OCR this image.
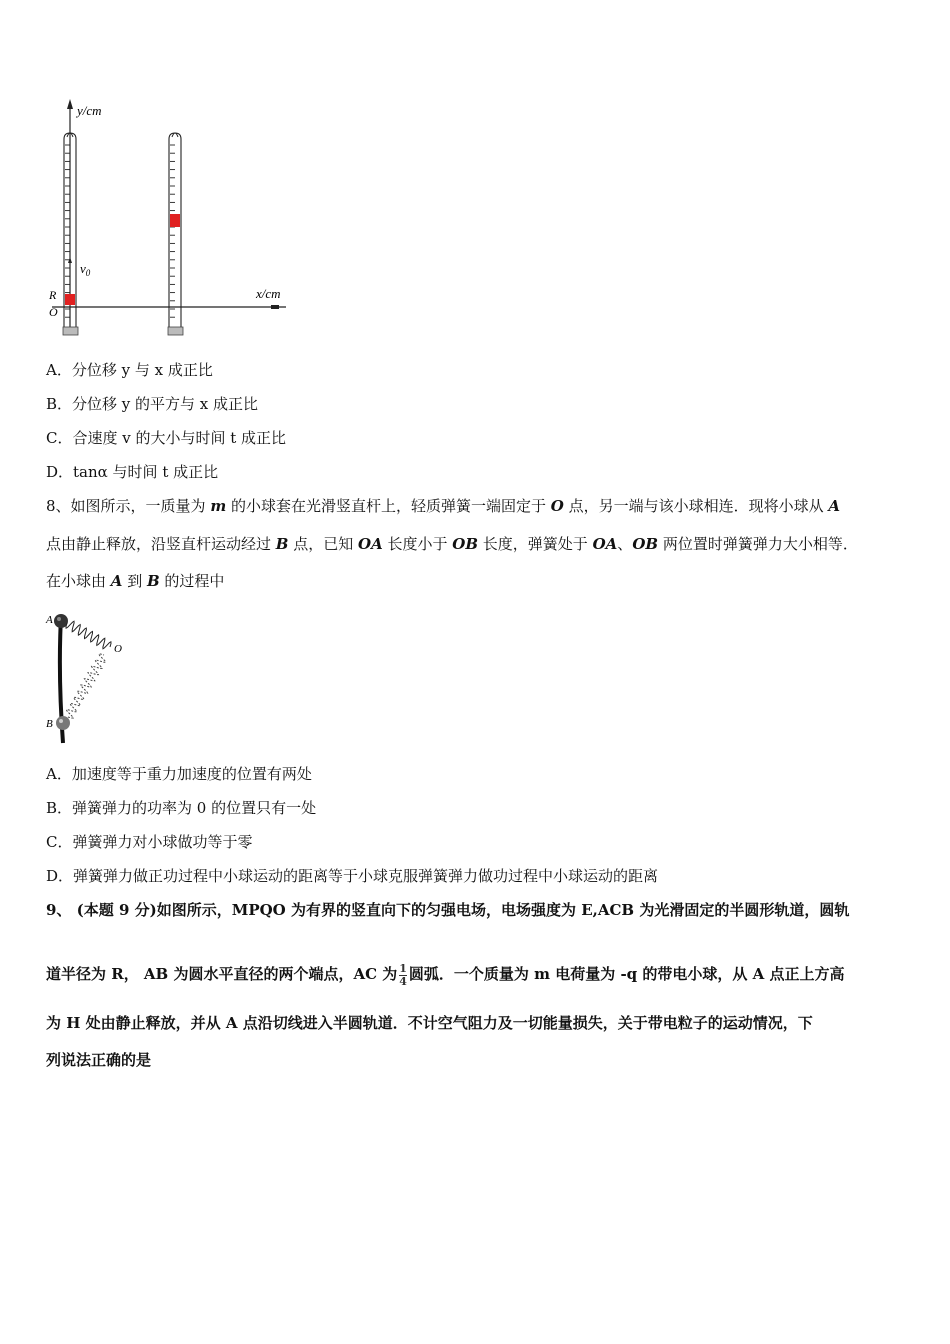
y/cm
x/cm
$v_0$
R
O
A．分位移 y 与 x 成正比
B．分位移 y 的平方与 x 成正比
C．合速度 v 的大小与时间 t 成正比
D．tanα 与时间 t 成正比
8、如图所示，一质量为 m 的小球套在光滑竖直杆上，轻质弹簧一端固定于 O 点，另一端与该小球相连．现将小球从 A
点由静止释放，沿竖直杆运动经过 B 点，已知 OA 长度小于 OB 长度，弹簧处于 OA、OB 两位置时弹簧弹力大小相等．
在小球由 A 到 B 的过程中
A
B
O
A．加速度等于重力加速度的位置有两处
B．弹簧弹力的功率为 0 的位置只有一处
C．弹簧弹力对小球做功等于零
D．弹簧弹力做正功过程中小球运动的距离等于小球克服弹簧弹力做功过程中小球运动的距离
9、 (本题 9 分)如图所示，MPQO 为有界的竖直向下的匀强电场，电场强度为 E,ACB 为光滑固定的半圆形轨道，圆轨
道半径为 R， AB 为圆水平直径的两个端点，AC 为 $\frac{1}{4}$ 圆弧．一个质量为 m 电荷量为 -q 的带电小球，从 A 点正上方高
为 H 处由静止释放，并从 A 点沿切线进入半圆轨道．不计空气阻力及一切能量损失，关于带电粒子的运动情况，下
列说法正确的是
